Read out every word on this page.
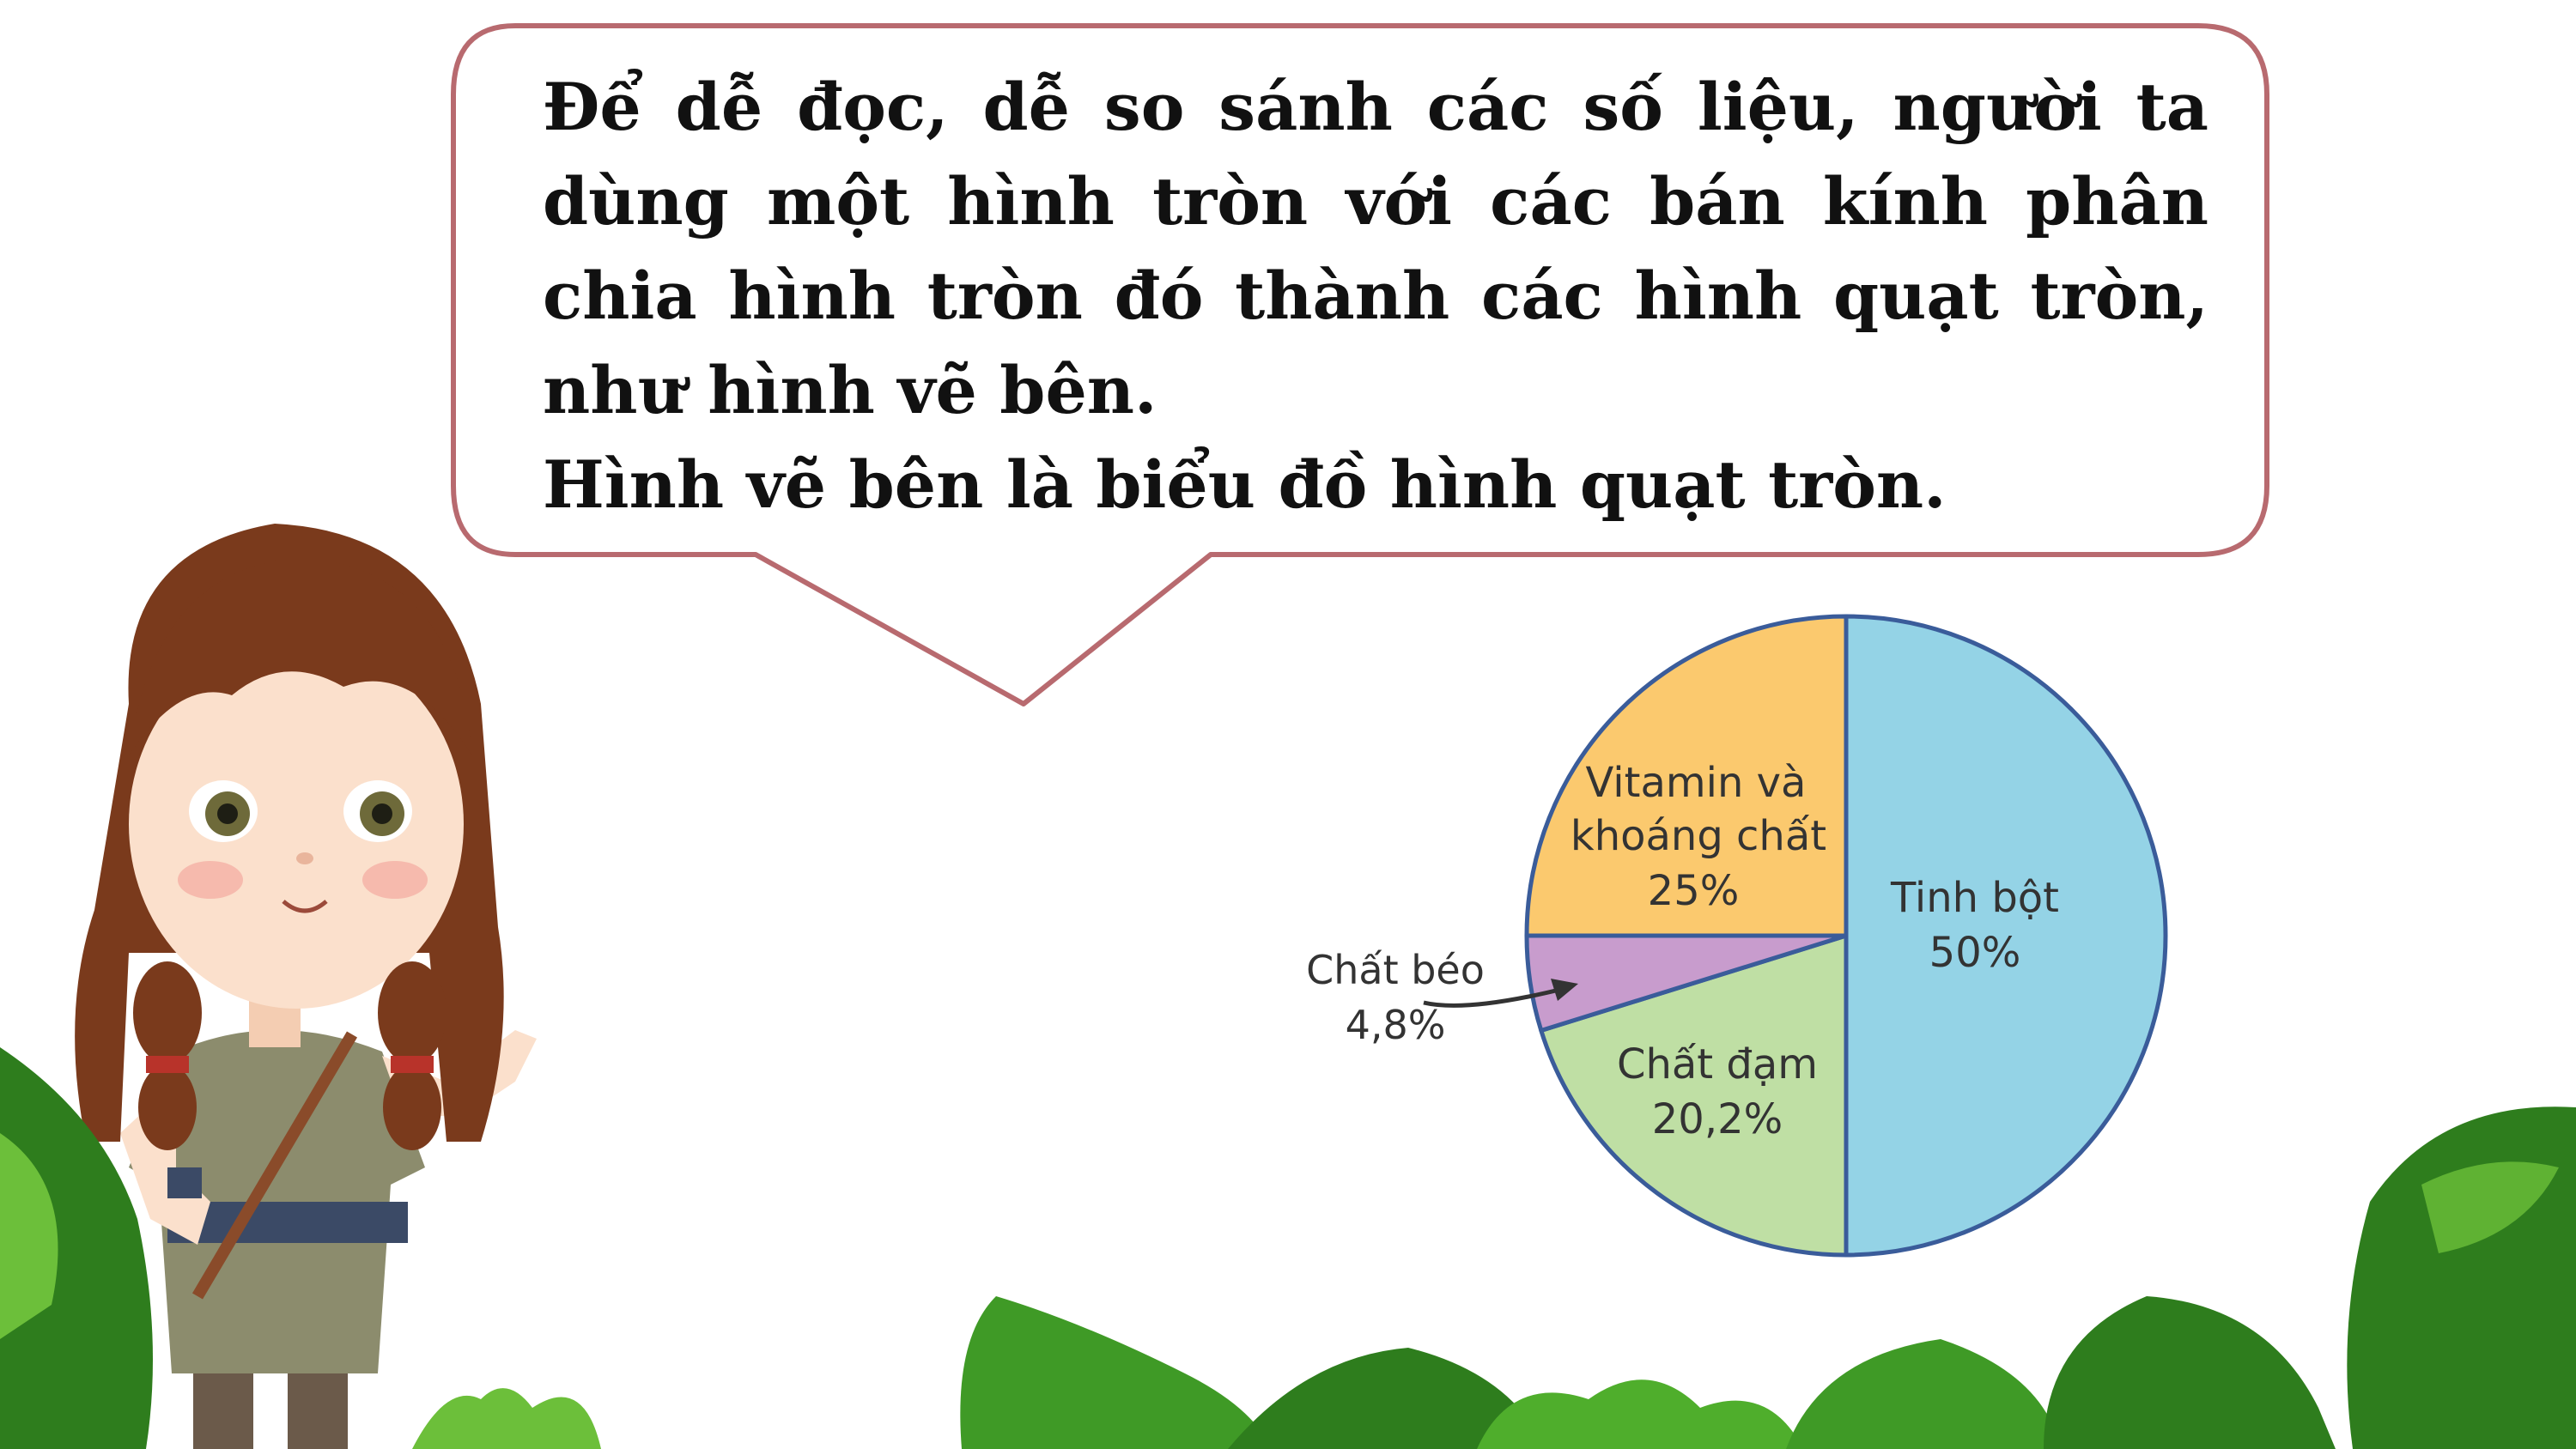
Để dễ đọc, dễ so sánh các số liệu, người ta dùng một hình tròn với các bán kính phân chia hình tròn đó thành các hình quạt tròn, như hình vẽ bên.

Hình vẽ bên là biểu đồ hình quạt tròn.

Tinh bột
50%
Chất đạm
20,2%
Vitamin và
khoáng chất
25%
Chất béo
4,8%
